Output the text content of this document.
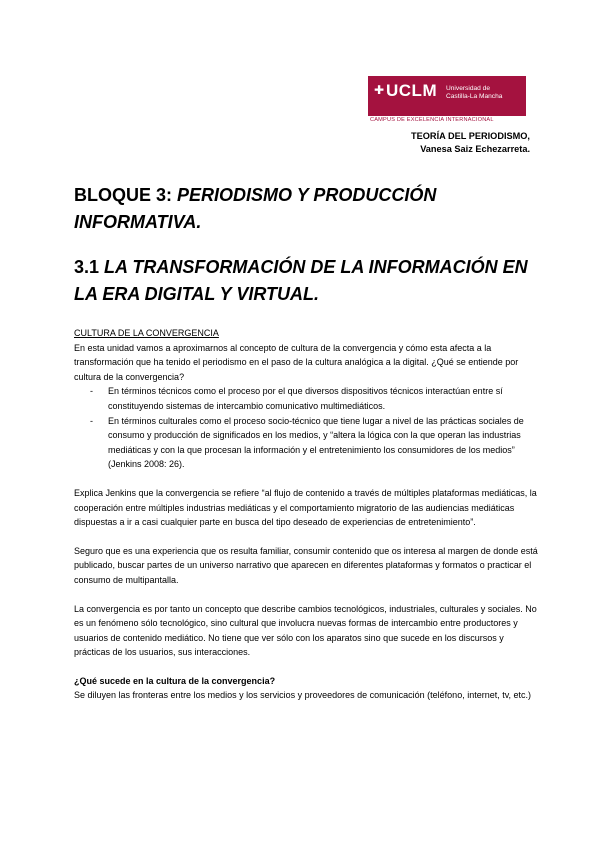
✚ UCLM Universidad de
Castilla-La Mancha
CAMPUS DE EXCELENCIA INTERNACIONAL
TEORÍA DEL PERIODISMO,
Vanesa Saiz Echezarreta.
BLOQUE 3: PERIODISMO Y PRODUCCIÓN INFORMATIVA.
3.1 LA TRANSFORMACIÓN DE LA INFORMACIÓN EN LA ERA DIGITAL Y VIRTUAL.

CULTURA DE LA CONVERGENCIA

En esta unidad vamos a aproximarnos al concepto de cultura de la convergencia y cómo esta afecta a la transformación que ha tenido el periodismo en el paso de la cultura analógica a la digital. ¿Qué se entiende por cultura de la convergencia?

- En términos técnicos como el proceso por el que diversos dispositivos técnicos interactúan entre sí constituyendo sistemas de intercambio comunicativo multimediáticos.
- En términos culturales como el proceso socio-técnico que tiene lugar a nivel de las prácticas sociales de consumo y producción de significados en los medios, y “altera la lógica con la que operan las industrias mediáticas y con la que procesan la información y el entretenimiento los consumidores de los medios” (Jenkins 2008: 26).

Explica Jenkins que la convergencia se refiere “al flujo de contenido a través de múltiples plataformas mediáticas, la cooperación entre múltiples industrias mediáticas y el comportamiento migratorio de las audiencias mediáticas dispuestas a ir a casi cualquier parte en busca del tipo deseado de experiencias de entretenimiento”.

Seguro que es una experiencia que os resulta familiar, consumir contenido que os interesa al margen de donde está publicado, buscar partes de un universo narrativo que aparecen en diferentes plataformas y formatos o practicar el consumo de multipantalla.

La convergencia es por tanto un concepto que describe cambios tecnológicos, industriales, culturales y sociales. No es un fenómeno sólo tecnológico, sino cultural que involucra nuevas formas de intercambio entre productores y usuarios de contenido mediático. No tiene que ver sólo con los aparatos sino que sucede en los discursos y prácticas de los usuarios, sus interacciones.

¿Qué sucede en la cultura de la convergencia?

Se diluyen las fronteras entre los medios y los servicios y proveedores de comunicación (teléfono, internet, tv, etc.)
